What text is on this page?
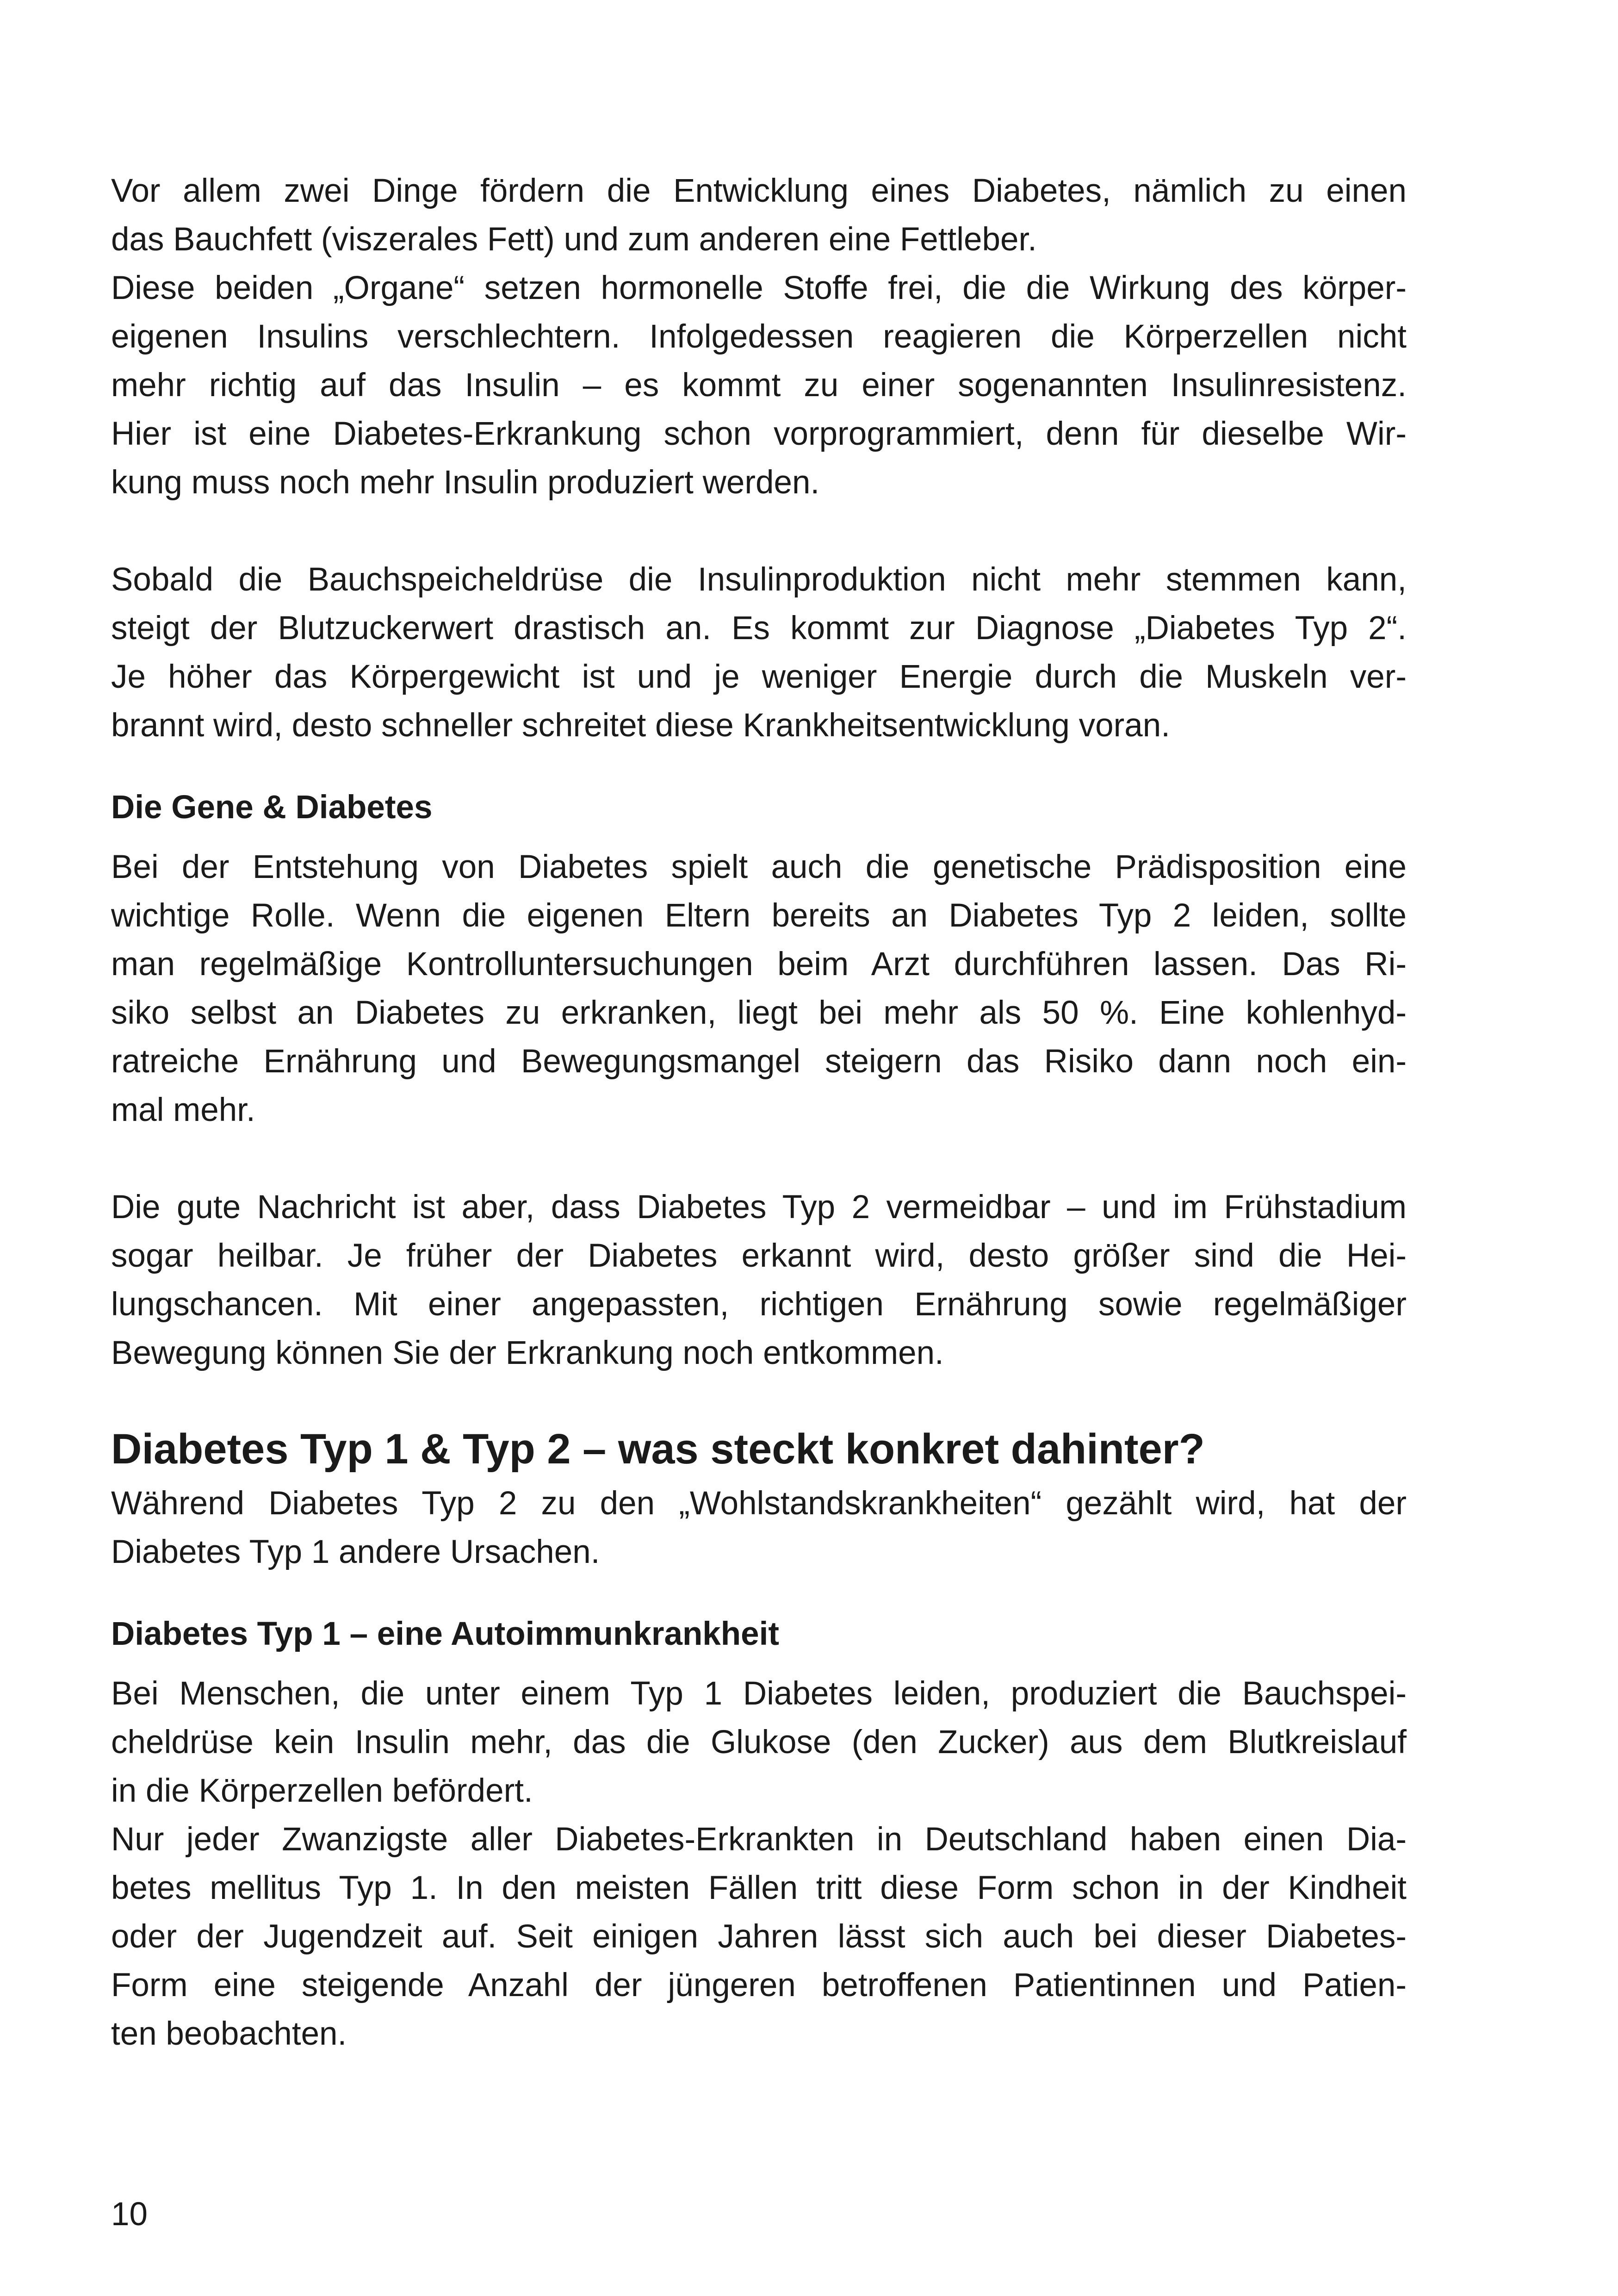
Vor allem zwei Dinge fördern die Entwicklung eines Diabetes, nämlich zu einen
das Bauchfett (viszerales Fett) und zum anderen eine Fettleber.
Diese beiden „Organe“ setzen hormonelle Stoffe frei, die die Wirkung des körper-
eigenen Insulins verschlechtern. Infolgedessen reagieren die Körperzellen nicht
mehr richtig auf das Insulin – es kommt zu einer sogenannten Insulinresistenz.
Hier ist eine Diabetes-Erkrankung schon vorprogrammiert, denn für dieselbe Wir-
kung muss noch mehr Insulin produziert werden.
Sobald die Bauchspeicheldrüse die Insulinproduktion nicht mehr stemmen kann,
steigt der Blutzuckerwert drastisch an. Es kommt zur Diagnose „Diabetes Typ 2“.
Je höher das Körpergewicht ist und je weniger Energie durch die Muskeln ver-
brannt wird, desto schneller schreitet diese Krankheitsentwicklung voran.
Die Gene & Diabetes
Bei der Entstehung von Diabetes spielt auch die genetische Prädisposition eine
wichtige Rolle. Wenn die eigenen Eltern bereits an Diabetes Typ 2 leiden, sollte
man regelmäßige Kontrolluntersuchungen beim Arzt durchführen lassen. Das Ri-
siko selbst an Diabetes zu erkranken, liegt bei mehr als 50 %. Eine kohlenhyd-
ratreiche Ernährung und Bewegungsmangel steigern das Risiko dann noch ein-
mal mehr.
Die gute Nachricht ist aber, dass Diabetes Typ 2 vermeidbar – und im Frühstadium
sogar heilbar. Je früher der Diabetes erkannt wird, desto größer sind die Hei-
lungschancen. Mit einer angepassten, richtigen Ernährung sowie regelmäßiger
Bewegung können Sie der Erkrankung noch entkommen.
Diabetes Typ 1 & Typ 2 – was steckt konkret dahinter?
Während Diabetes Typ 2 zu den „Wohlstandskrankheiten“ gezählt wird, hat der
Diabetes Typ 1 andere Ursachen.
Diabetes Typ 1 – eine Autoimmunkrankheit
Bei Menschen, die unter einem Typ 1 Diabetes leiden, produziert die Bauchspei-
cheldrüse kein Insulin mehr, das die Glukose (den Zucker) aus dem Blutkreislauf
in die Körperzellen befördert.
Nur jeder Zwanzigste aller Diabetes-Erkrankten in Deutschland haben einen Dia-
betes mellitus Typ 1. In den meisten Fällen tritt diese Form schon in der Kindheit
oder der Jugendzeit auf. Seit einigen Jahren lässt sich auch bei dieser Diabetes-
Form eine steigende Anzahl der jüngeren betroffenen Patientinnen und Patien-
ten beobachten.
10
